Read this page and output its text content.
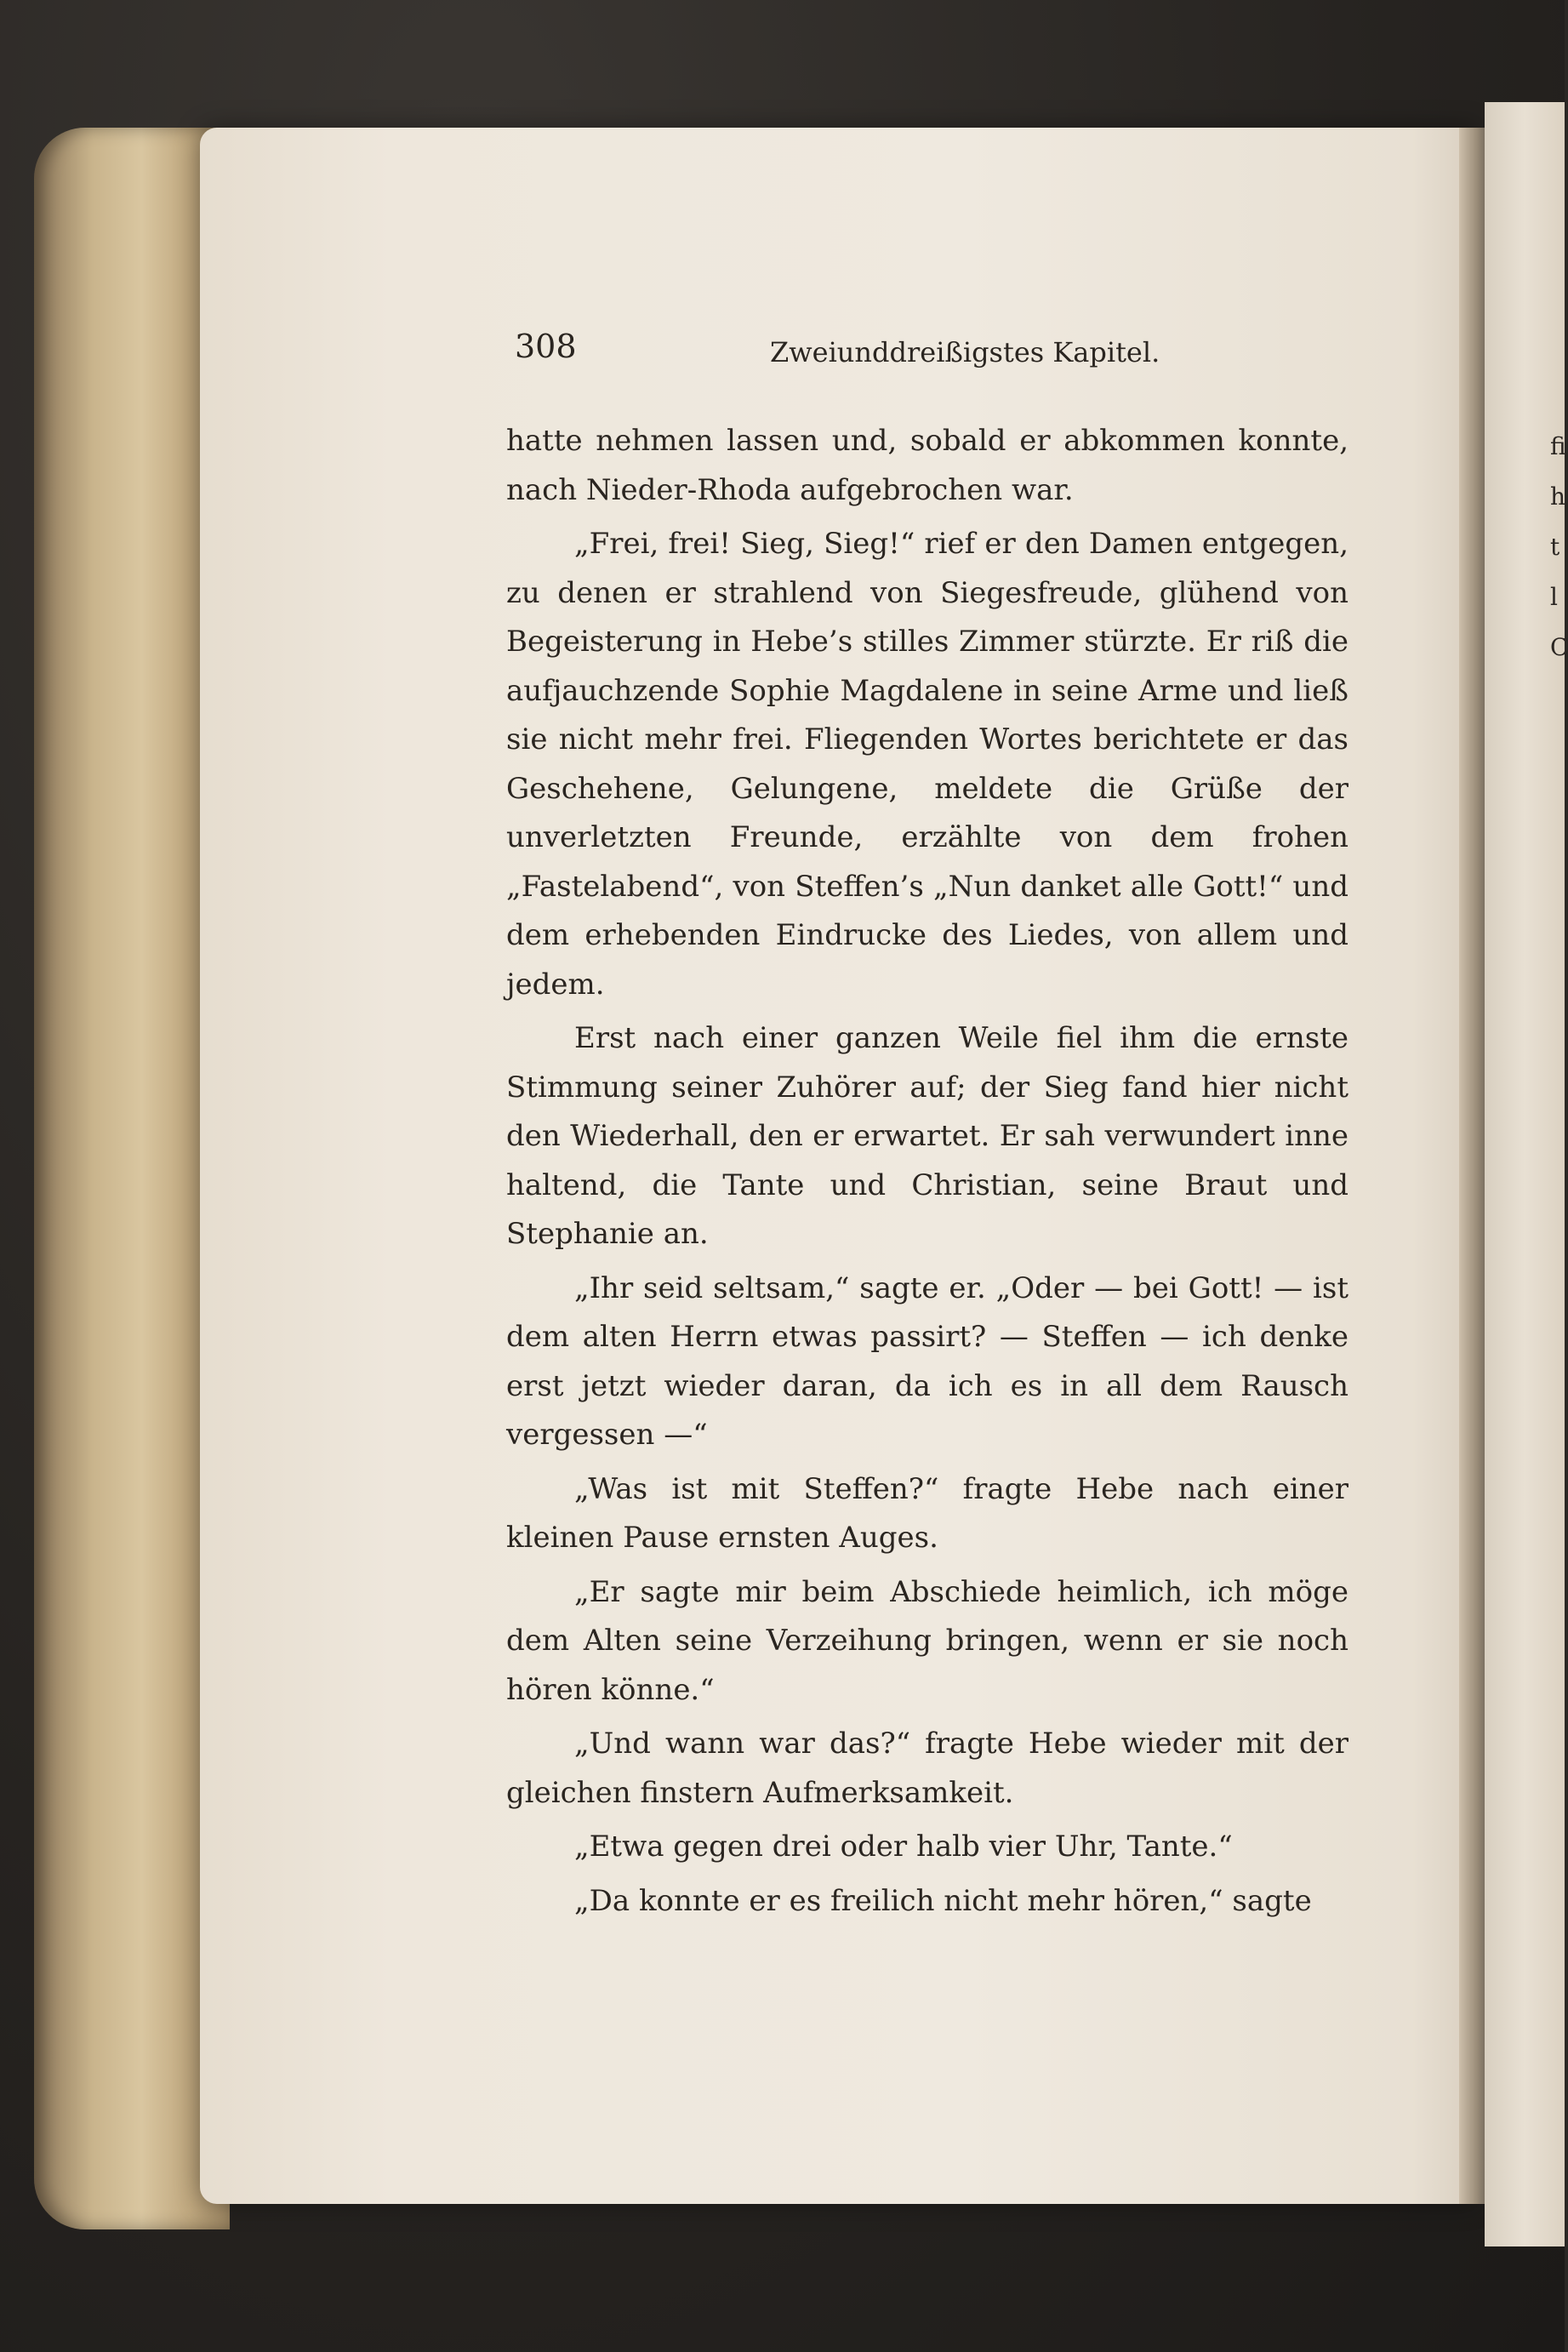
fi
h
t
l
C
308	Zweiunddreißigstes Kapitel.

hatte nehmen lassen und, sobald er abkommen konnte, nach Nieder-Rhoda aufgebrochen war.

„Frei, frei! Sieg, Sieg!“ rief er den Damen entgegen, zu denen er strahlend von Siegesfreude, glühend von Begeisterung in Hebe’s stilles Zimmer stürzte. Er riß die aufjauchzende Sophie Magdalene in seine Arme und ließ sie nicht mehr frei. Fliegenden Wortes berichtete er das Geschehene, Gelungene, meldete die Grüße der unverletzten Freunde, erzählte von dem frohen „Fastelabend“, von Steffen’s „Nun danket alle Gott!“ und dem erhebenden Eindrucke des Liedes, von allem und jedem.

Erst nach einer ganzen Weile fiel ihm die ernste Stimmung seiner Zuhörer auf; der Sieg fand hier nicht den Wiederhall, den er erwartet. Er sah verwundert inne haltend, die Tante und Christian, seine Braut und Stephanie an.

„Ihr seid seltsam,“ sagte er. „Oder — bei Gott! — ist dem alten Herrn etwas passirt? — Steffen — ich denke erst jetzt wieder daran, da ich es in all dem Rausch vergessen —“

„Was ist mit Steffen?“ fragte Hebe nach einer kleinen Pause ernsten Auges.

„Er sagte mir beim Abschiede heimlich, ich möge dem Alten seine Verzeihung bringen, wenn er sie noch hören könne.“

„Und wann war das?“ fragte Hebe wieder mit der gleichen finstern Aufmerksamkeit.

„Etwa gegen drei oder halb vier Uhr, Tante.“

„Da konnte er es freilich nicht mehr hören,“ sagte
